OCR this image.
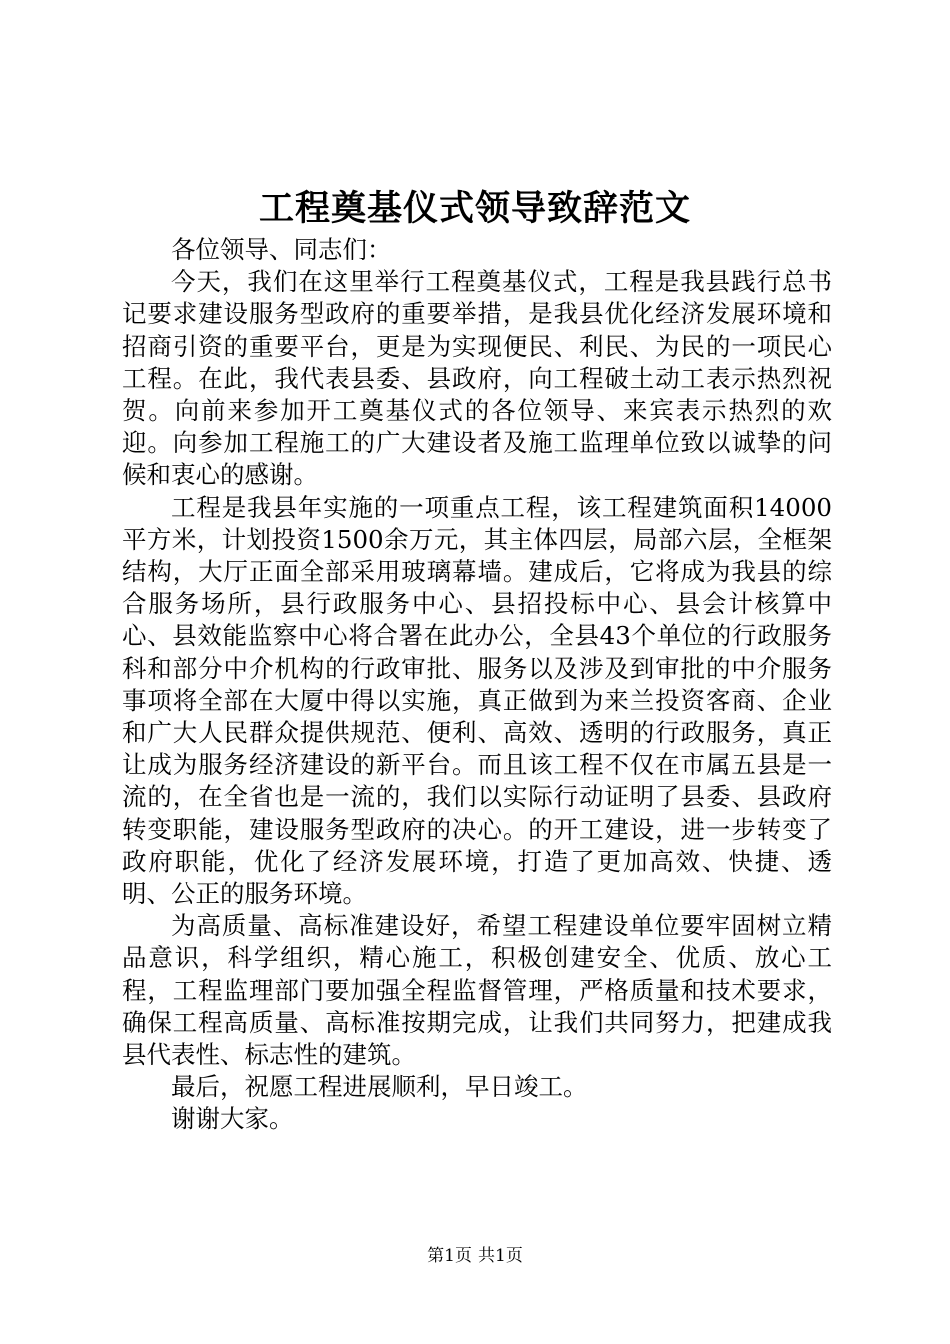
工程奠基仪式领导致辞范文

各位领导、同志们：

今天，我们在这里举行工程奠基仪式，工程是我县践行总书记要求建设服务型政府的重要举措，是我县优化经济发展环境和招商引资的重要平台，更是为实现便民、利民、为民的一项民心工程。在此，我代表县委、县政府，向工程破土动工表示热烈祝贺。向前来参加开工奠基仪式的各位领导、来宾表示热烈的欢迎。向参加工程施工的广大建设者及施工监理单位致以诚挚的问候和衷心的感谢。

工程是我县年实施的一项重点工程，该工程建筑面积14000平方米，计划投资1500余万元，其主体四层，局部六层，全框架结构，大厅正面全部采用玻璃幕墙。建成后，它将成为我县的综合服务场所，县行政服务中心、县招投标中心、县会计核算中心、县效能监察中心将合署在此办公，全县43个单位的行政服务科和部分中介机构的行政审批、服务以及涉及到审批的中介服务事项将全部在大厦中得以实施，真正做到为来兰投资客商、企业和广大人民群众提供规范、便利、高效、透明的行政服务，真正让成为服务经济建设的新平台。而且该工程不仅在市属五县是一流的，在全省也是一流的，我们以实际行动证明了县委、县政府转变职能，建设服务型政府的决心。的开工建设，进一步转变了政府职能，优化了经济发展环境，打造了更加高效、快捷、透明、公正的服务环境。

为高质量、高标准建设好，希望工程建设单位要牢固树立精品意识，科学组织，精心施工，积极创建安全、优质、放心工程，工程监理部门要加强全程监督管理，严格质量和技术要求，确保工程高质量、高标准按期完成，让我们共同努力，把建成我县代表性、标志性的建筑。

最后，祝愿工程进展顺利，早日竣工。

谢谢大家。

第1页 共1页
